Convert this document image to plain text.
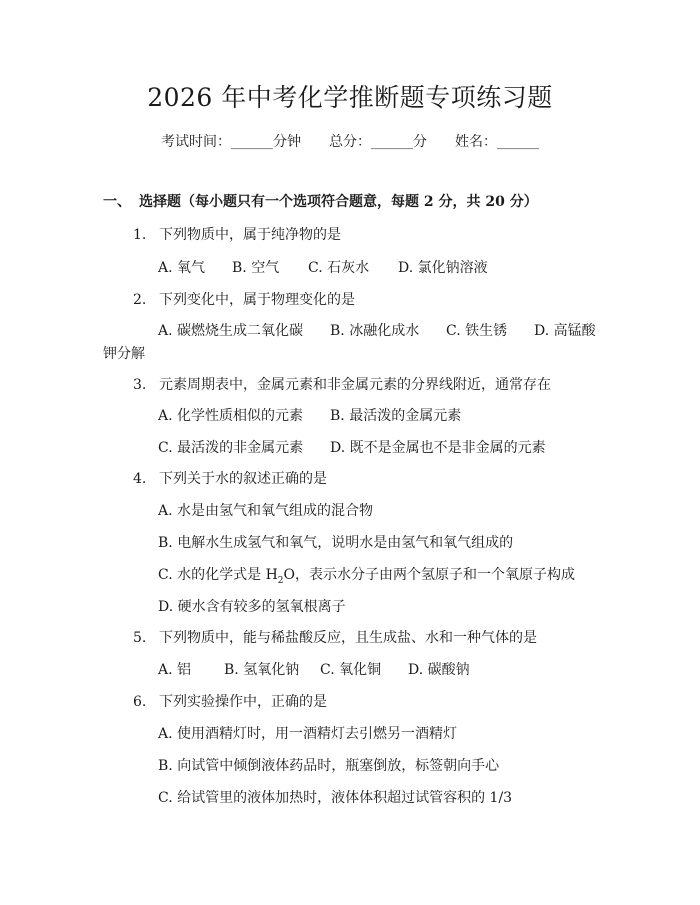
2026 年中考化学推断题专项练习题
考试时间：______分钟 总分：______分 姓名：______
一、 选择题（每小题只有一个选项符合题意，每题 2 分，共 20 分）
1. 下列物质中，属于纯净物的是
A. 氧气 B. 空气 C. 石灰水 D. 氯化钠溶液
2. 下列变化中，属于物理变化的是
A. 碳燃烧生成二氧化碳 B. 冰融化成水 C. 铁生锈 D. 高锰酸
钾分解
3. 元素周期表中，金属元素和非金属元素的分界线附近，通常存在
A. 化学性质相似的元素 B. 最活泼的金属元素
C. 最活泼的非金属元素 D. 既不是金属也不是非金属的元素
4. 下列关于水的叙述正确的是
A. 水是由氢气和氧气组成的混合物
B. 电解水生成氢气和氧气，说明水是由氢气和氧气组成的
C. 水的化学式是 $H_2O$，表示水分子由两个氢原子和一个氧原子构成
D. 硬水含有较多的氢氧根离子
5. 下列物质中，能与稀盐酸反应，且生成盐、水和一种气体的是
A. 铝 B. 氢氧化钠 C. 氧化铜 D. 碳酸钠
6. 下列实验操作中，正确的是
A. 使用酒精灯时，用一酒精灯去引燃另一酒精灯
B. 向试管中倾倒液体药品时，瓶塞倒放，标签朝向手心
C. 给试管里的液体加热时，液体体积超过试管容积的 1/3
